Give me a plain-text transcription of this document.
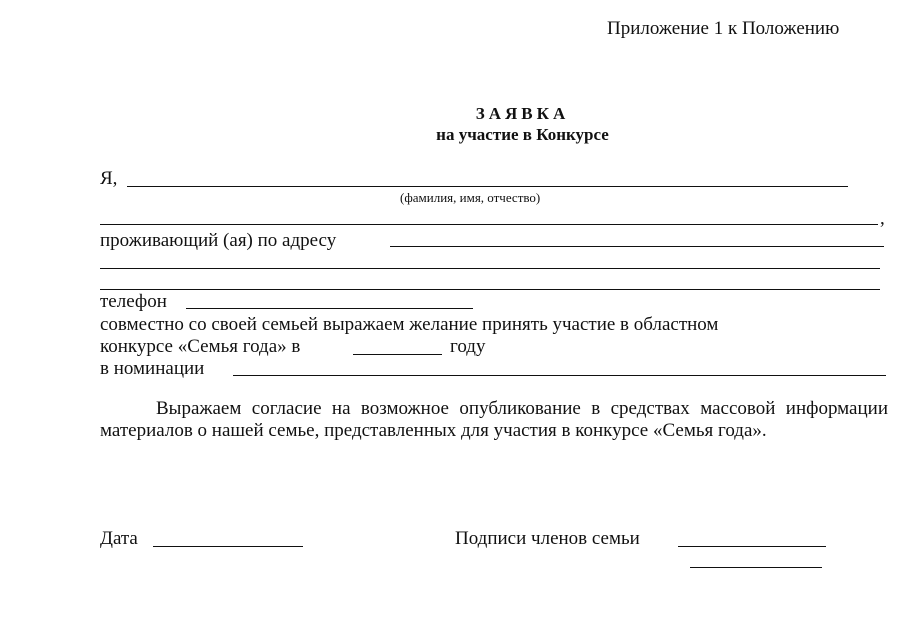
Приложение 1 к Положению
ЗАЯВКА
на участие в Конкурсе
Я,
(фамилия, имя, отчество)
,
проживающий (ая) по адресу
телефон
совместно со своей семьей выражаем желание принять участие в областном
конкурсе «Семья года» в	году
в номинации
Выражаем согласие на возможное опубликование в средствах массовой информации материалов о нашей семье, представленных для участия в конкурсе «Семья года».
Дата	Подписи членов семьи
